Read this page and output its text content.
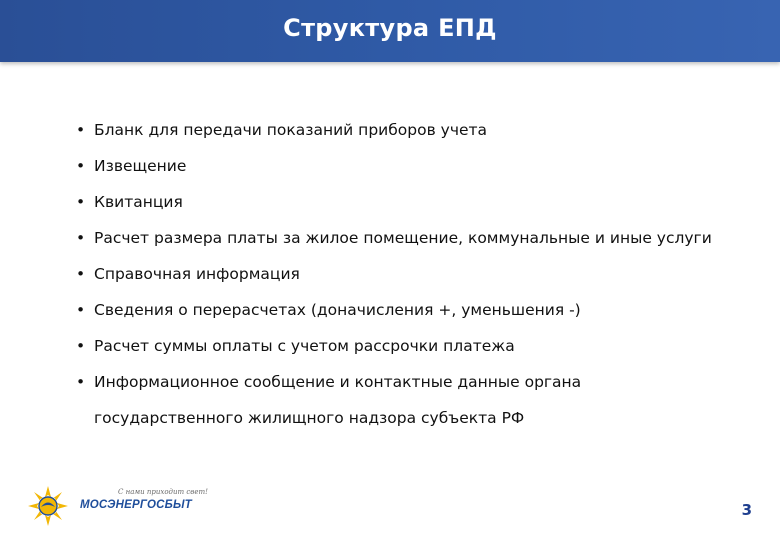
Структура ЕПД
• Бланк для передачи показаний приборов учета
• Извещение
• Квитанция
• Расчет размера платы за жилое помещение, коммунальные и иные услуги
• Справочная информация
• Сведения о перерасчетах (доначисления +, уменьшения -)
• Расчет суммы оплаты с учетом рассрочки платежа
• Информационное сообщение и контактные данные органа государственного жилищного надзора субъекта РФ
С нами приходит свет!
МОСЭНЕРГОСБЫТ	3
